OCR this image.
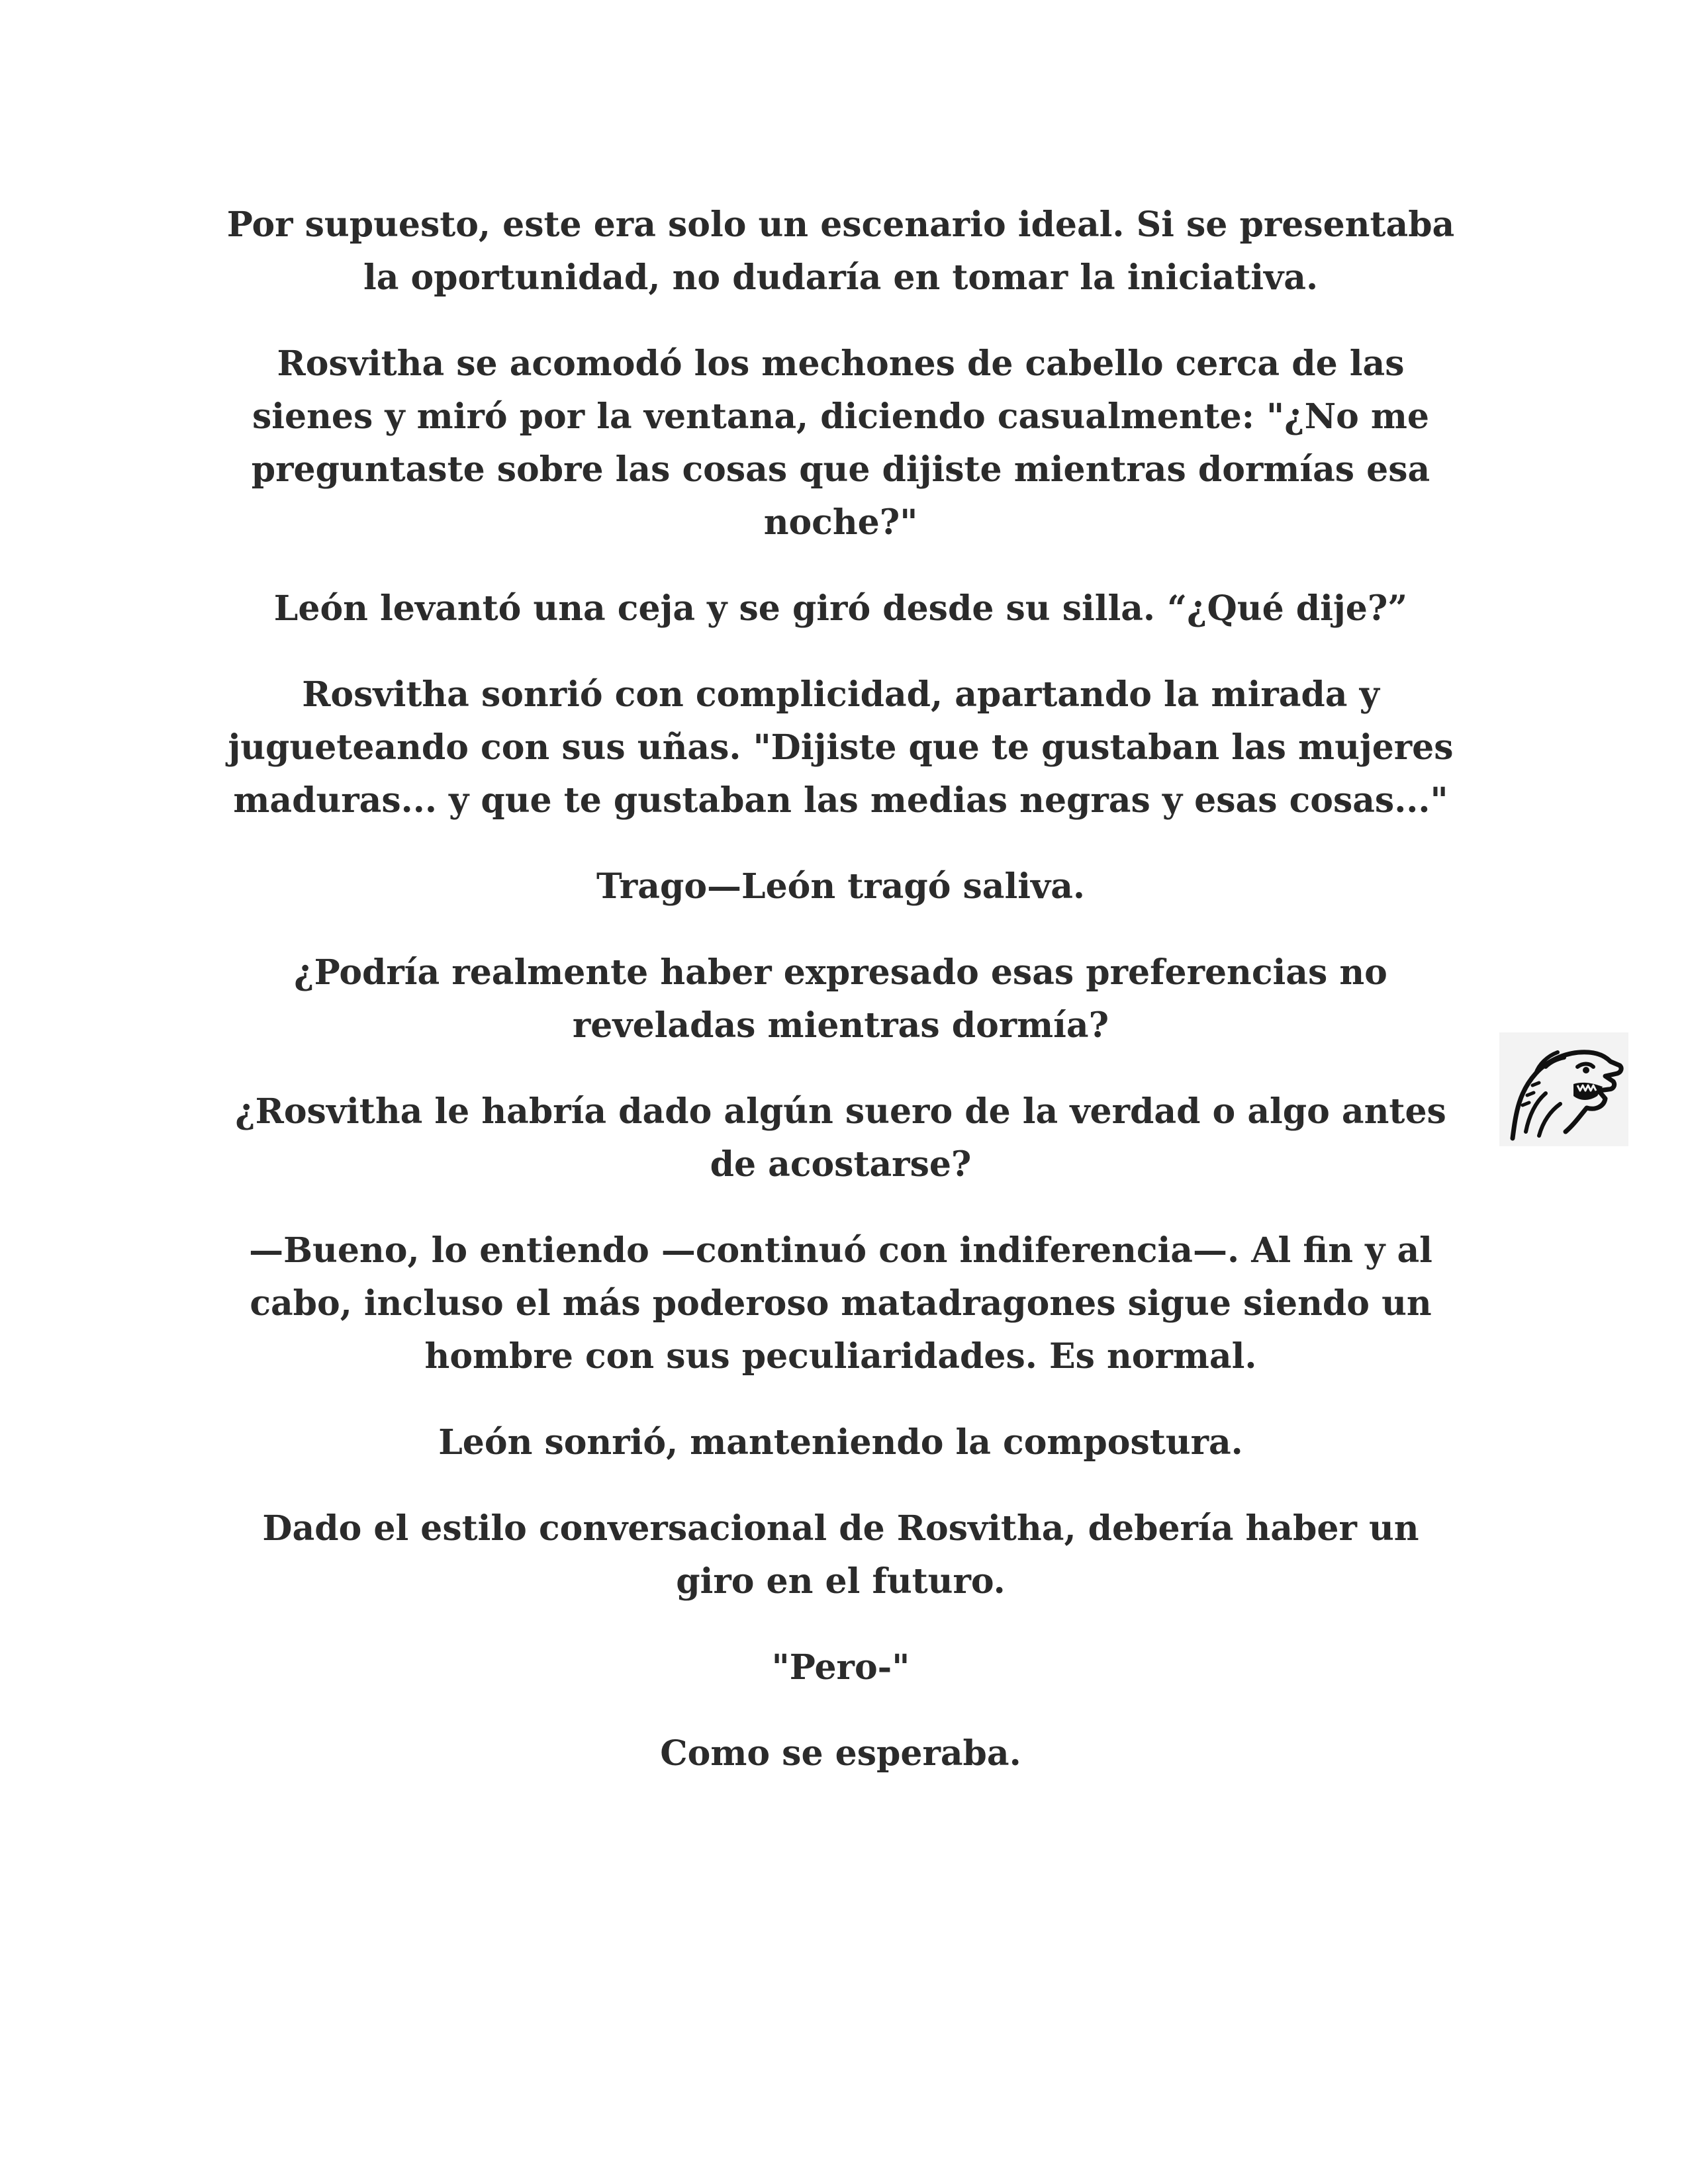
Por supuesto, este era solo un escenario ideal. Si se presentaba la oportunidad, no dudaría en tomar la iniciativa.

Rosvitha se acomodó los mechones de cabello cerca de las sienes y miró por la ventana, diciendo casualmente: "¿No me preguntaste sobre las cosas que dijiste mientras dormías esa noche?"

León levantó una ceja y se giró desde su silla. “¿Qué dije?”

Rosvitha sonrió con complicidad, apartando la mirada y jugueteando con sus uñas. "Dijiste que te gustaban las mujeres maduras... y que te gustaban las medias negras y esas cosas..."

Trago—León tragó saliva.

¿Podría realmente haber expresado esas preferencias no reveladas mientras dormía?

¿Rosvitha le habría dado algún suero de la verdad o algo antes de acostarse?

—Bueno, lo entiendo —continuó con indiferencia—. Al fin y al cabo, incluso el más poderoso matadragones sigue siendo un hombre con sus peculiaridades. Es normal.

León sonrió, manteniendo la compostura.

Dado el estilo conversacional de Rosvitha, debería haber un giro en el futuro.

"Pero-"

Como se esperaba.
